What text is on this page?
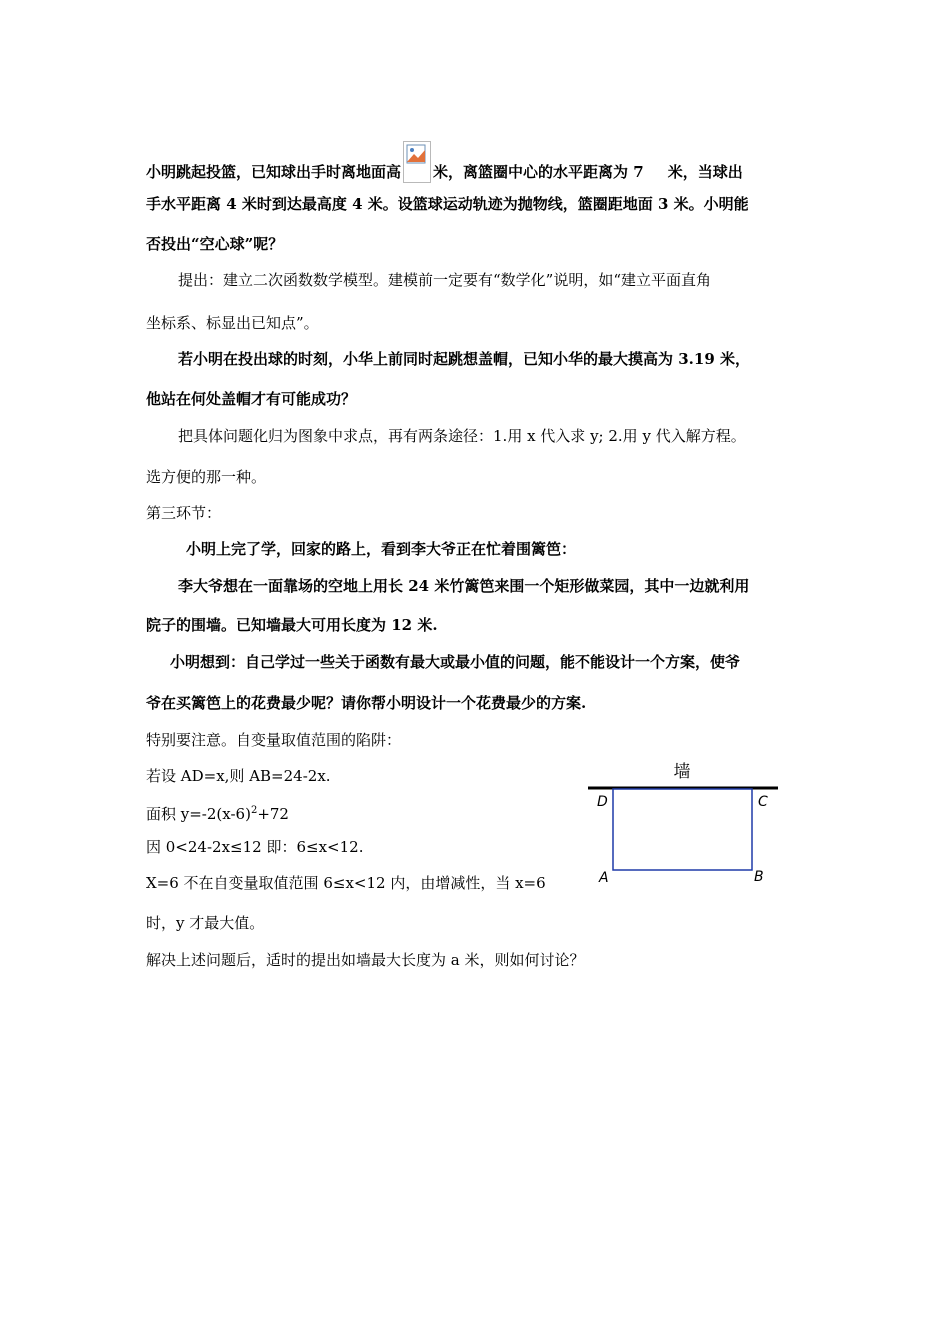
小明跳起投篮，已知球出手时离地面高 米，离篮圈中心的水平距离为 7 米，当球出
手水平距离 4 米时到达最高度 4 米。设篮球运动轨迹为抛物线，篮圈距地面 3 米。小明能
否投出“空心球”呢？
提出：建立二次函数数学模型。建模前一定要有“数学化”说明，如“建立平面直角
坐标系、标显出已知点”。
若小明在投出球的时刻，小华上前同时起跳想盖帽，已知小华的最大摸高为 3.19 米，
他站在何处盖帽才有可能成功？
把具体问题化归为图象中求点，再有两条途径：1.用 x 代入求 y; 2.用 y 代入解方程。
选方便的那一种。
第三环节：
小明上完了学，回家的路上，看到李大爷正在忙着围篱笆：
李大爷想在一面靠场的空地上用长 24 米竹篱笆来围一个矩形做菜园，其中一边就利用
院子的围墙。已知墙最大可用长度为 12 米.
小明想到：自己学过一些关于函数有最大或最小值的问题，能不能设计一个方案，使爷
爷在买篱笆上的花费最少呢？请你帮小明设计一个花费最少的方案.
特别要注意。自变量取值范围的陷阱：
若设 AD=x,则 AB=24-2x.
面积 $y=-2(x-6)^2+72$
因 0<24-2x≤12 即：6≤x<12.
X=6 不在自变量取值范围 6≤x<12 内，由增减性，当 x=6
时，y 才最大值。
解决上述问题后，适时的提出如墙最大长度为 a 米，则如何讨论？
墙
D	C
A	B
